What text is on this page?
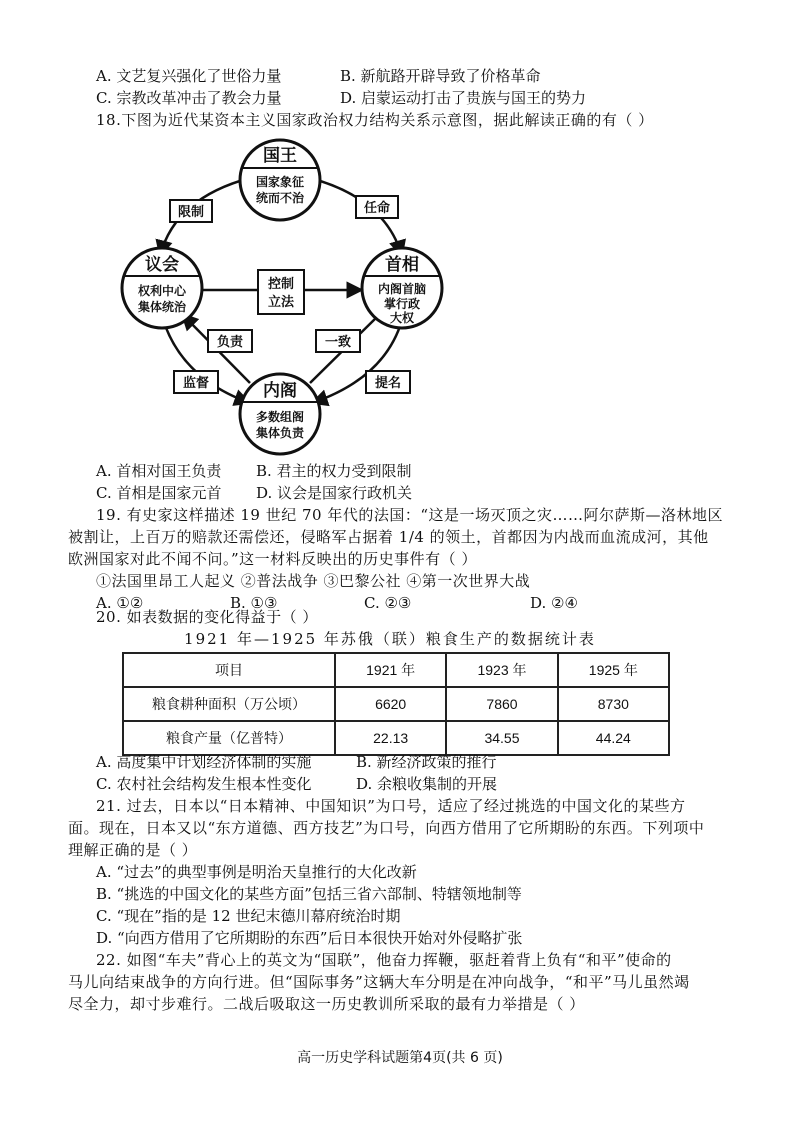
A. 文艺复兴强化了世俗力量	B. 新航路开辟导致了价格革命
C. 宗教改革冲击了教会力量	D. 启蒙运动打击了贵族与国王的势力
18.下图为近代某资本主义国家政治权力结构关系示意图，据此解读正确的有（ ）
国王
国家象征
统而不治
议会
权利中心
集体统治
首相
内阁首脑
掌行政
大权
内阁
多数组阁
集体负责
限制	任命
控制
立法
负责	一致
监督	提名
A. 首相对国王负责 B. 君主的权力受到限制
C. 首相是国家元首 D. 议会是国家行政机关
19. 有史家这样描述 19 世纪 70 年代的法国：“这是一场灭顶之灾……阿尔萨斯—洛林地区
被割让，上百万的赔款还需偿还，侵略军占据着 1/4 的领土，首都因为内战而血流成河，其他
欧洲国家对此不闻不问。”这一材料反映出的历史事件有（ ）
①法国里昂工人起义 ②普法战争 ③巴黎公社 ④第一次世界大战
A. ①②	B. ①③	C. ②③	D. ②④
20. 如表数据的变化得益于（ ）
1921 年—1925 年苏俄（联）粮食生产的数据统计表
项目	1921 年	1923 年	1925 年
粮食耕种面积（万公顷）	6620	7860	8730
粮食产量（亿普特）	22.13	34.55	44.24
A. 高度集中计划经济体制的实施	B. 新经济政策的推行
C. 农村社会结构发生根本性变化	D. 余粮收集制的开展
21. 过去，日本以“日本精神、中国知识”为口号，适应了经过挑选的中国文化的某些方
面。现在，日本又以“东方道德、西方技艺”为口号，向西方借用了它所期盼的东西。下列项中
理解正确的是（ ）
A. “过去”的典型事例是明治天皇推行的大化改新
B. “挑选的中国文化的某些方面”包括三省六部制、特辖领地制等
C. “现在”指的是 12 世纪末德川幕府统治时期
D. “向西方借用了它所期盼的东西”后日本很快开始对外侵略扩张
22. 如图“车夫”背心上的英文为“国联”，他奋力挥鞭，驱赶着背上负有“和平”使命的
马儿向结束战争的方向行进。但“国际事务”这辆大车分明是在冲向战争，“和平”马儿虽然竭
尽全力，却寸步难行。二战后吸取这一历史教训所采取的最有力举措是（ ）
高一历史学科试题第4页(共 6 页)
